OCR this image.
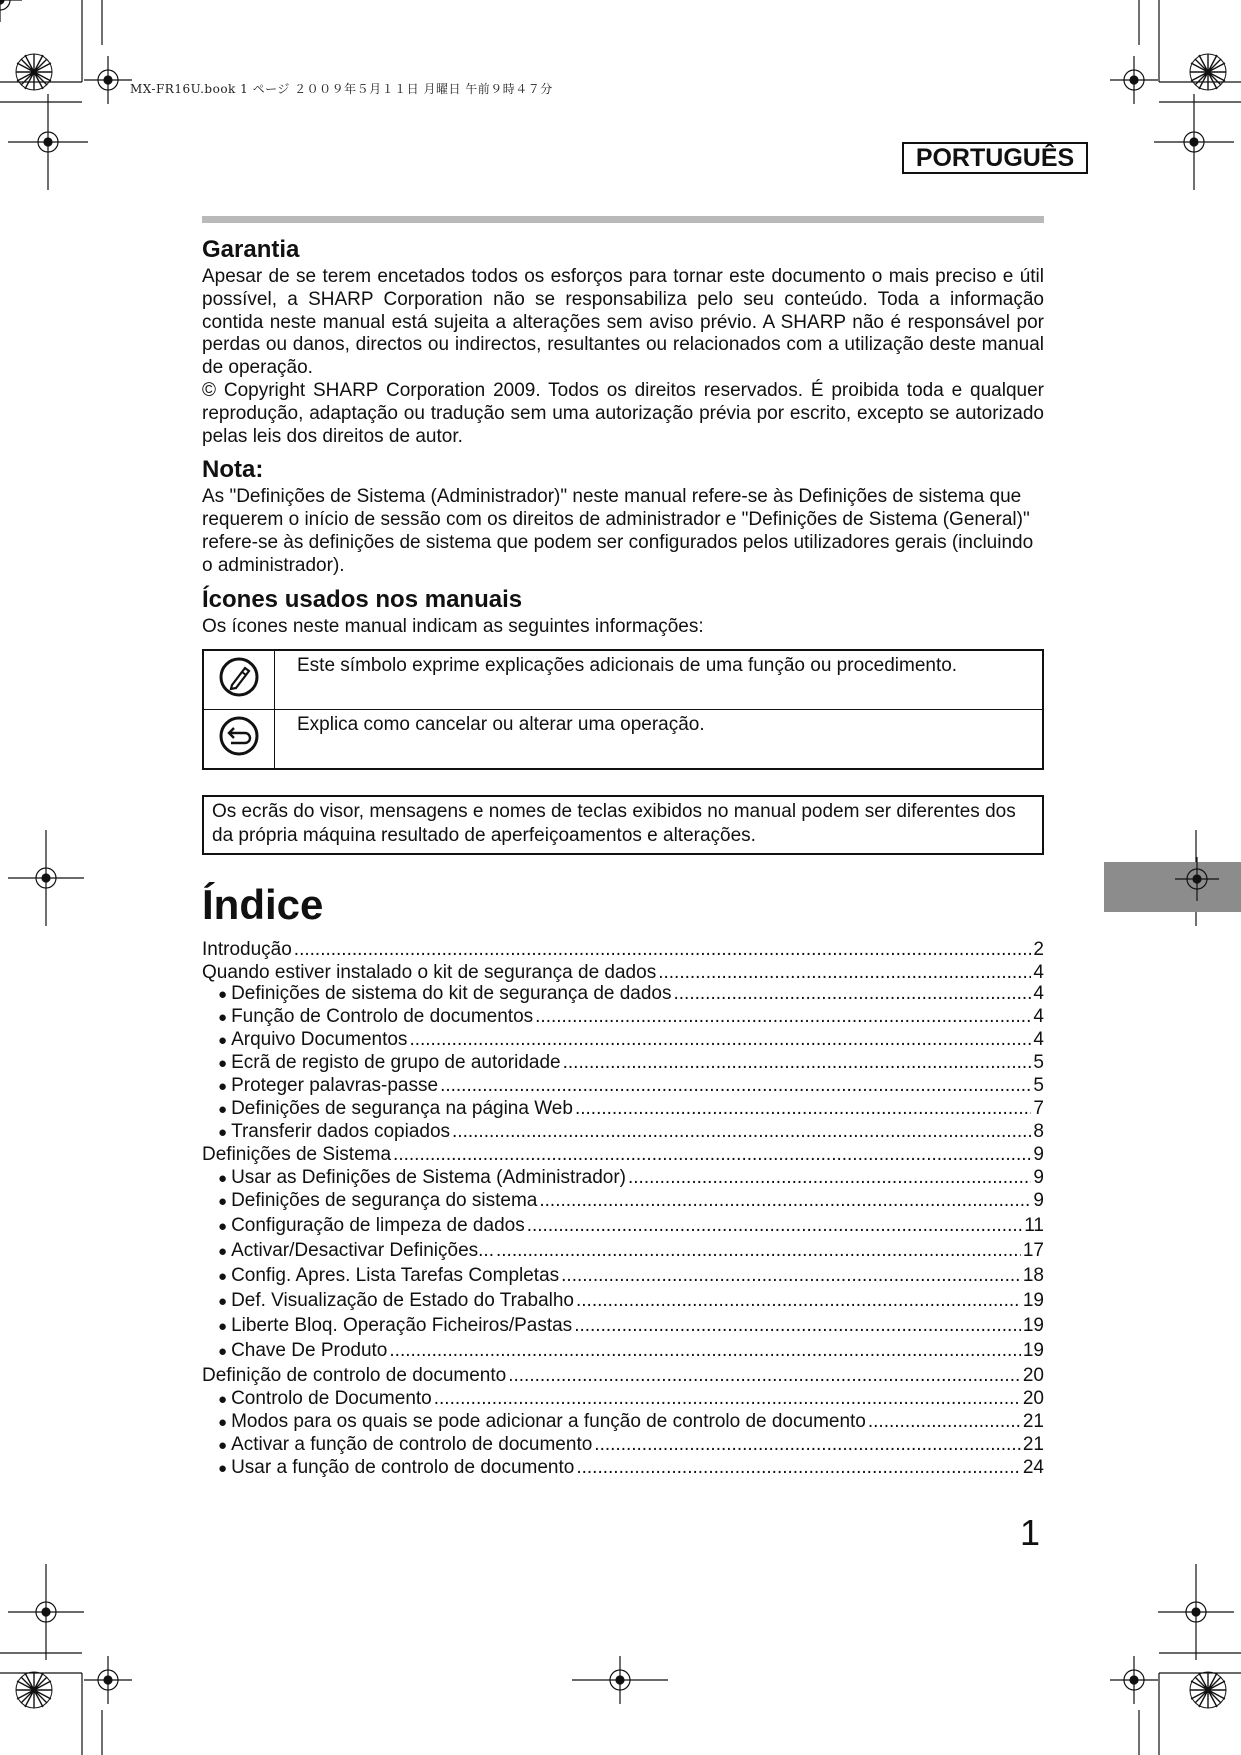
MX-FR16U.book 1 ページ ２００９年５月１１日 月曜日 午前９時４７分
PORTUGUÊS
Garantia

Apesar de se terem encetados todos os esforços para tornar este documento o mais preciso e útil possível, a SHARP Corporation não se responsabiliza pelo seu conteúdo. Toda a informação contida neste manual está sujeita a alterações sem aviso prévio. A SHARP não é responsável por perdas ou danos, directos ou indirectos, resultantes ou relacionados com a utilização deste manual de operação.

© Copyright SHARP Corporation 2009. Todos os direitos reservados. É proibida toda e qualquer reprodução, adaptação ou tradução sem uma autorização prévia por escrito, excepto se autorizado pelas leis dos direitos de autor.

Nota:

As "Definições de Sistema (Administrador)" neste manual refere-se às Definições de sistema que requerem o início de sessão com os direitos de administrador e "Definições de Sistema (General)" refere-se às definições de sistema que podem ser configurados pelos utilizadores gerais (incluindo o administrador).

Ícones usados nos manuais

Os ícones neste manual indicam as seguintes informações:

	Este símbolo exprime explicações adicionais de uma função ou procedimento.
	Explica como cancelar ou alterar uma operação.
Os ecrãs do visor, mensagens e nomes de teclas exibidos no manual podem ser diferentes dos da própria máquina resultado de aperfeiçoamentos e alterações.
Índice
Introdução .....	2
Quando estiver instalado o kit de segurança de dados .....	4
● Definições de sistema do kit de segurança de dados .....	4
● Função de Controlo de documentos .....	4
● Arquivo Documentos .....	4
● Ecrã de registo de grupo de autoridade .....	5
● Proteger palavras-passe .....	5
● Definições de segurança na página Web .....	7
● Transferir dados copiados .....	8
Definições de Sistema .....	9
● Usar as Definições de Sistema (Administrador) .....	9
● Definições de segurança do sistema .....	9
● Configuração de limpeza de dados .....	11
● Activar/Desactivar Definições... .....	17
● Config. Apres. Lista Tarefas Completas .....	18
● Def. Visualização de Estado do Trabalho .....	19
● Liberte Bloq. Operação Ficheiros/Pastas .....	19
● Chave De Produto .....	19
Definição de controlo de documento .....	20
● Controlo de Documento .....	20
● Modos para os quais se pode adicionar a função de controlo de documento .....	21
● Activar a função de controlo de documento .....	21
● Usar a função de controlo de documento .....	24
1
